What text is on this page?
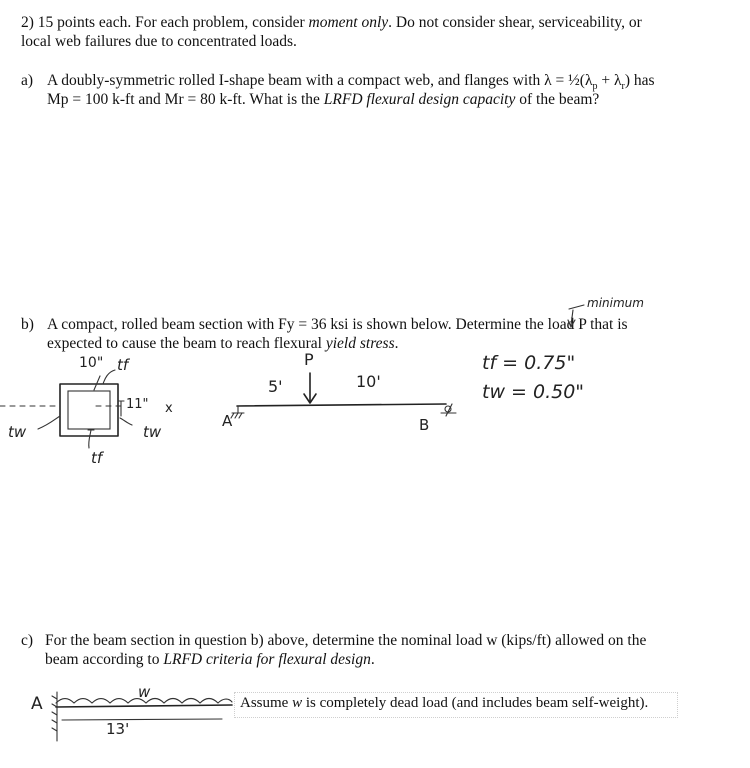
2) 15 points each. For each problem, consider moment only. Do not consider shear, serviceability, or

local web failures due to concentrated loads.

a) A doubly-symmetric rolled I-shape beam with a compact web, and flanges with $\lambda = \frac{1}{2}(\lambda_p + \lambda_r)$ has

Mp = 100 k-ft and Mr = 80 k-ft. What is the LRFD flexural design capacity of the beam?

minimum

b) A compact, rolled beam section with Fy = 36 ksi is shown below. Determine the load P that is

expected to cause the beam to reach flexural yield stress.

10" tf
11" x
tw	tw
tf
P
5'	10'
A	B
tf = 0.75"
tw = 0.50"

c) For the beam section in question b) above, determine the nominal load w (kips/ft) allowed on the

beam according to LRFD criteria for flexural design.

A
w
13'

Assume w is completely dead load (and includes beam self-weight).
